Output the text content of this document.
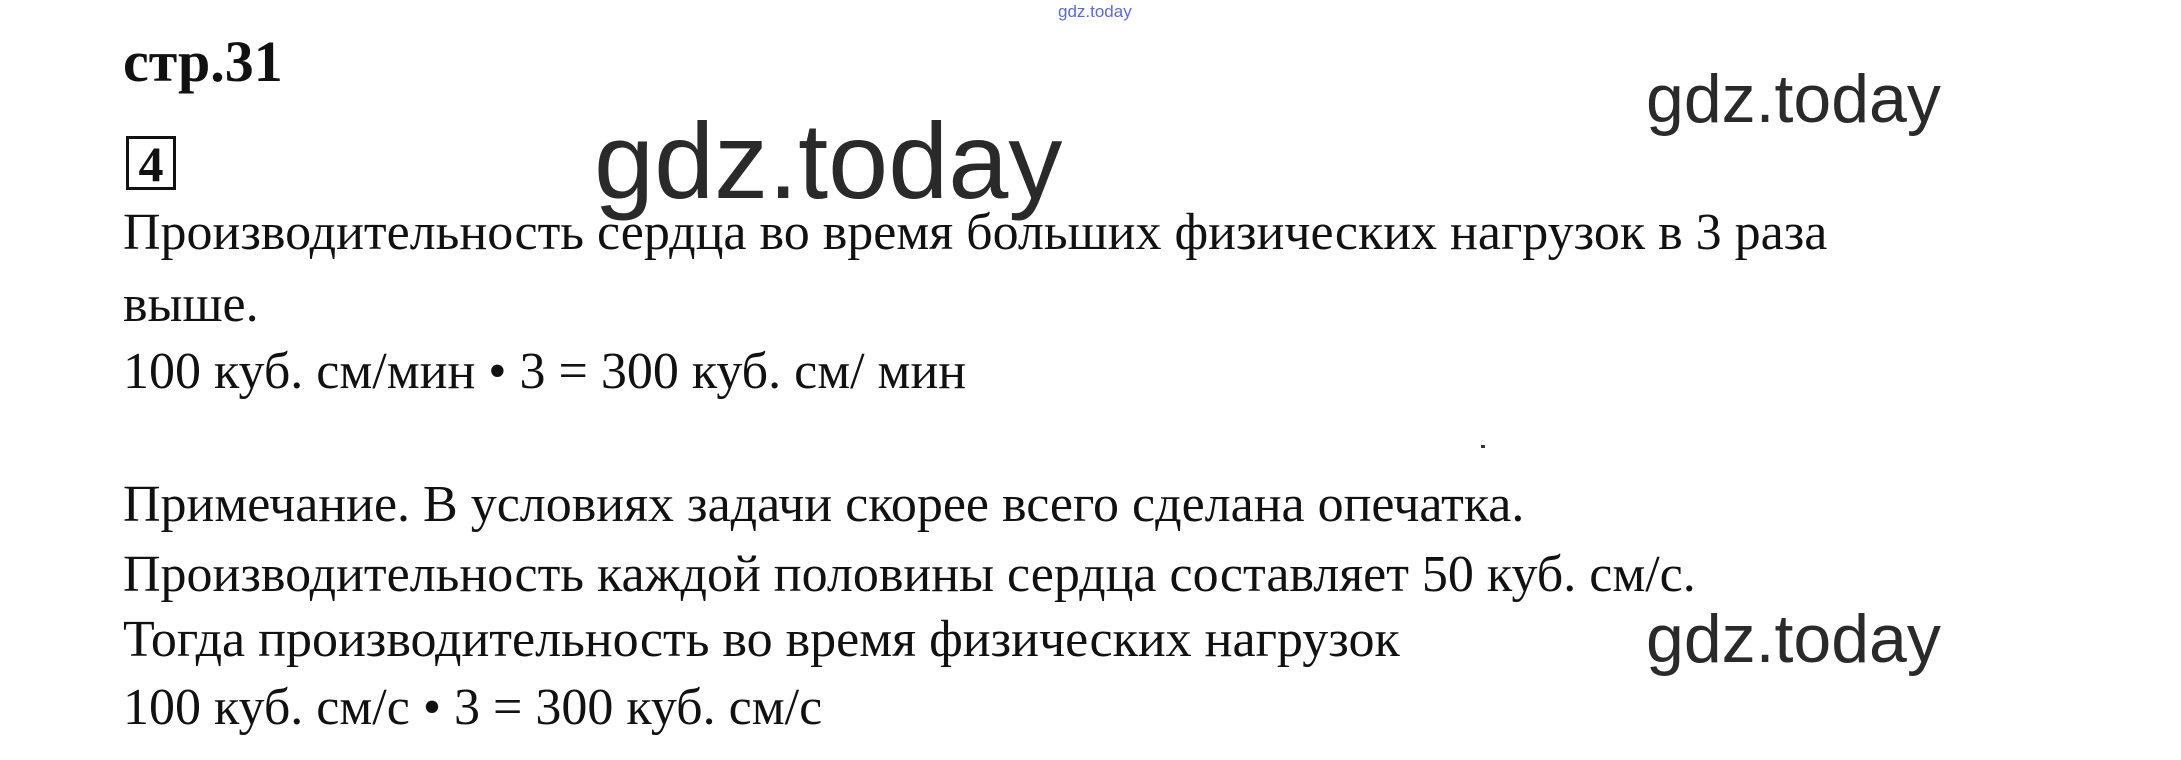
gdz.today
стр.31
4	gdz.today
gdz.today
Производительность сердца во время больших физических нагрузок в 3 раза
выше.
100 куб. см/мин • 3 = 300 куб. см/ мин
Примечание. В условиях задачи скорее всего сделана опечатка.
Производительность каждой половины сердца составляет 50 куб. см/с.
Тогда производительность во время физических нагрузок
100 куб. см/с • 3 = 300 куб. см/с
gdz.today
